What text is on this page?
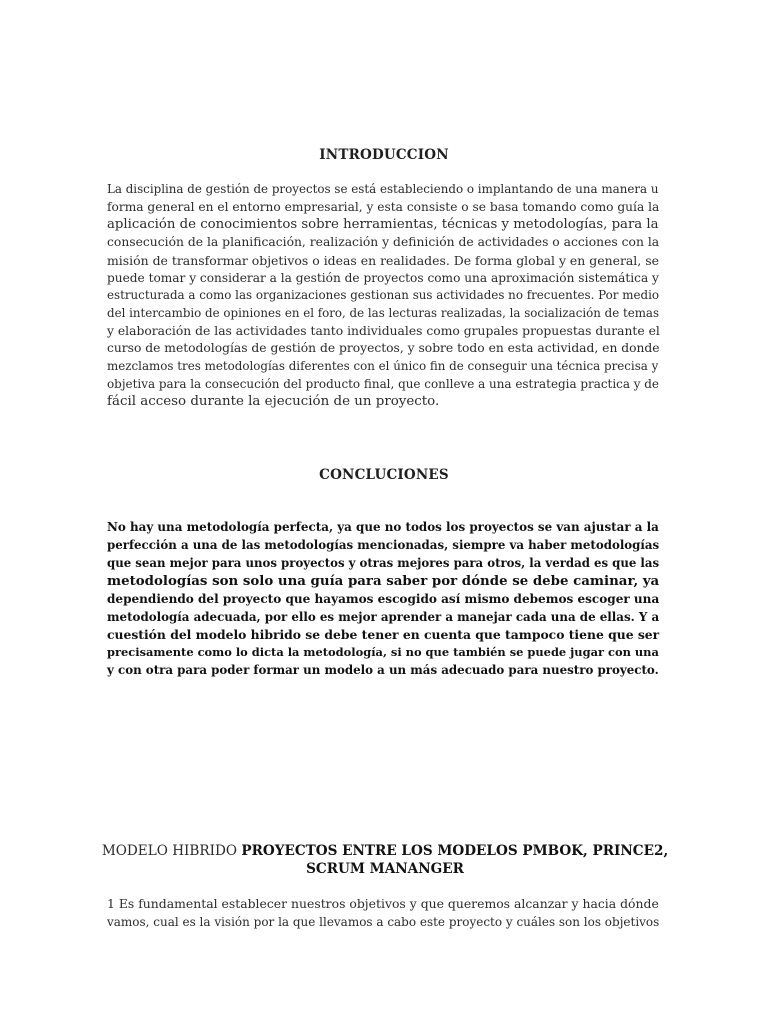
INTRODUCCION
La disciplina de gestión de proyectos se está estableciendo o implantando de una manera u
forma general en el entorno empresarial, y esta consiste o se basa tomando como guía la
aplicación de conocimientos sobre herramientas, técnicas y metodologías, para la
consecución de la planificación, realización y definición de actividades o acciones con la
misión de transformar objetivos o ideas en realidades. De forma global y en general, se
puede tomar y considerar a la gestión de proyectos como una aproximación sistemática y
estructurada a como las organizaciones gestionan sus actividades no frecuentes. Por medio
del intercambio de opiniones en el foro, de las lecturas realizadas, la socialización de temas
y elaboración de las actividades tanto individuales como grupales propuestas durante el
curso de metodologías de gestión de proyectos, y sobre todo en esta actividad, en donde
mezclamos tres metodologías diferentes con el único fin de conseguir una técnica precisa y
objetiva para la consecución del producto final, que conlleve a una estrategia practica y de
fácil acceso durante la ejecución de un proyecto.
CONCLUCIONES
No hay una metodología perfecta, ya que no todos los proyectos se van ajustar a la
perfección a una de las metodologías mencionadas, siempre va haber metodologías
que sean mejor para unos proyectos y otras mejores para otros, la verdad es que las
metodologías son solo una guía para saber por dónde se debe caminar, ya
dependiendo del proyecto que hayamos escogido así mismo debemos escoger una
metodología adecuada, por ello es mejor aprender a manejar cada una de ellas. Y a
cuestión del modelo hibrido se debe tener en cuenta que tampoco tiene que ser
precisamente como lo dicta la metodología, si no que también se puede jugar con una
y con otra para poder formar un modelo a un más adecuado para nuestro proyecto.
MODELO HIBRIDO PROYECTOS ENTRE LOS MODELOS PMBOK, PRINCE2,
SCRUM MANANGER
1 Es fundamental establecer nuestros objetivos y que queremos alcanzar y hacia dónde
vamos, cual es la visión por la que llevamos a cabo este proyecto y cuáles son los objetivos
